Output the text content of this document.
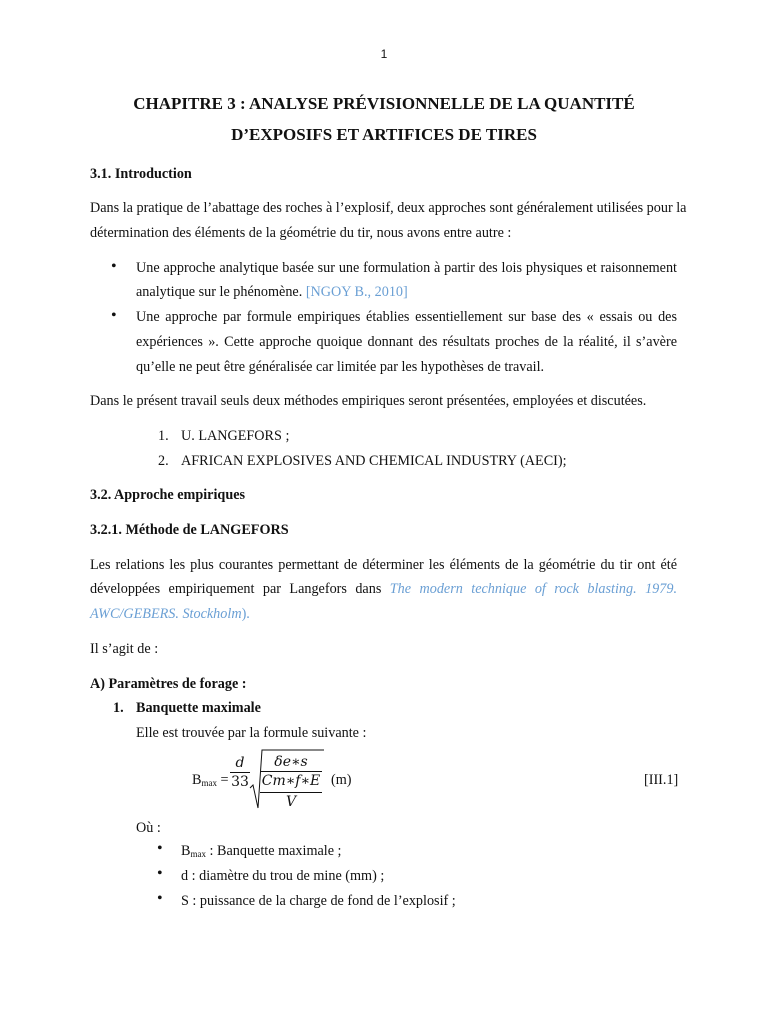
1
CHAPITRE 3 : ANALYSE PRÉVISIONNELLE DE LA QUANTITÉ
D’EXPOSIFS ET ARTIFICES DE TIRES
3.1. Introduction
Dans la pratique de l’abattage des roches à l’explosif, deux approches sont généralement utilisées pour la
détermination des éléments de la géométrie du tir, nous avons entre autre :
• Une approche analytique basée sur une formulation à partir des lois physiques et raisonnement
analytique sur le phénomène. [NGOY B., 2010]
• Une approche par formule empiriques établies essentiellement sur base des « essais ou des
expériences ». Cette approche quoique donnant des résultats proches de la réalité, il s’avère
qu’elle ne peut être généralisée car limitée par les hypothèses de travail.
Dans le présent travail seuls deux méthodes empiriques seront présentées, employées et discutées.
1. U. LANGEFORS ;
2. AFRICAN EXPLOSIVES AND CHEMICAL INDUSTRY (AECI);
3.2. Approche empiriques
3.2.1. Méthode de LANGEFORS
Les relations les plus courantes permettant de déterminer les éléments de la géométrie du tir ont été
développées empiriquement par Langefors dans The modern technique of rock blasting. 1979.
AWC/GEBERS. Stockholm).
Il s’agit de :
A) Paramètres de forage :
1. Banquette maximale
Elle est trouvée par la formule suivante :
$B_{max}$ =
d
33
δe∗s
Cm∗f∗E
V
(m)	[III.1]
Où :
• Bmax : Banquette maximale ;
• d : diamètre du trou de mine (mm) ;
• S : puissance de la charge de fond de l’explosif ;
